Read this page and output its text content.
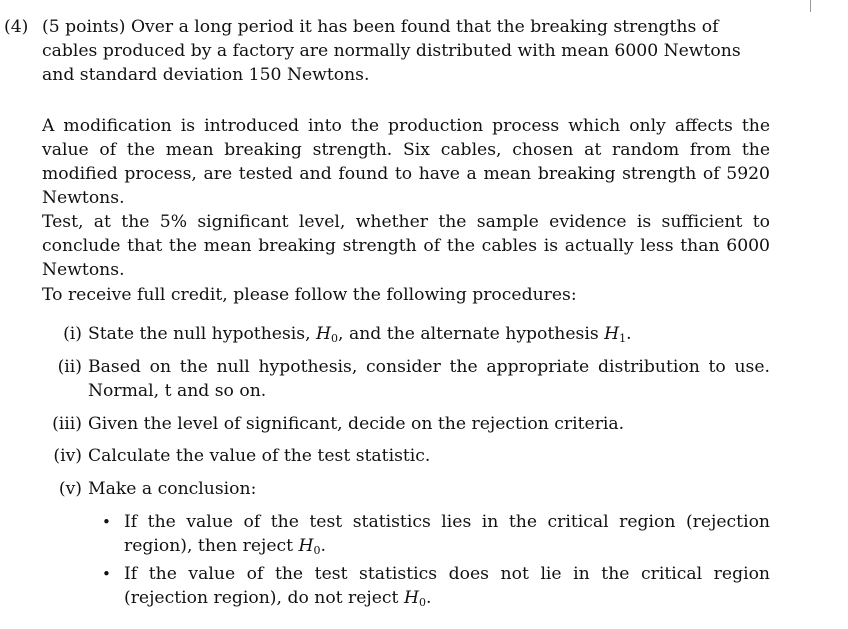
(4) (5 points) Over a long period it has been found that the breaking strengths of cables produced by a factory are normally distributed with mean 6000 Newtons and standard deviation 150 Newtons.

A modification is introduced into the production process which only affects the value of the mean breaking strength. Six cables, chosen at random from the modified process, are tested and found to have a mean breaking strength of 5920 Newtons.

Test, at the 5% significant level, whether the sample evidence is sufficient to conclude that the mean breaking strength of the cables is actually less than 6000 Newtons.

To receive full credit, please follow the following procedures:

(i) State the null hypothesis, $H_0$, and the alternate hypothesis $H_1$.
(ii) Based on the null hypothesis, consider the appropriate distribution to use. Normal, t and so on.
(iii) Given the level of significant, decide on the rejection criteria.
(iv) Calculate the value of the test statistic.
(v) Make a conclusion:
• If the value of the test statistics lies in the critical region (rejection region), then reject $H_0$.
• If the value of the test statistics does not lie in the critical region (rejection region), do not reject $H_0$.
